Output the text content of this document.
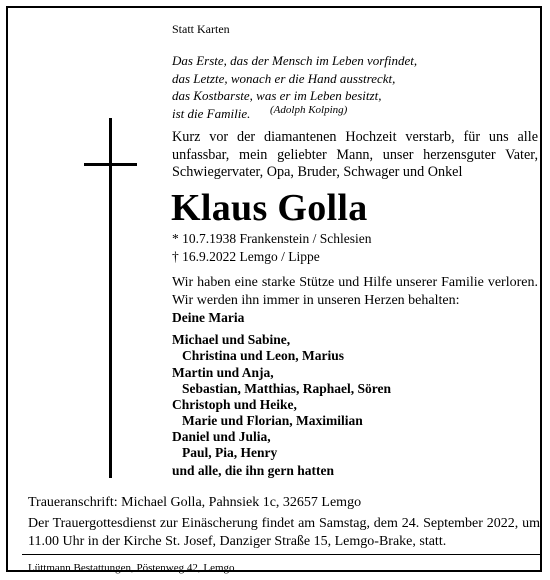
Statt Karten
Das Erste, das der Mensch im Leben vorfindet,
das Letzte, wonach er die Hand ausstreckt,
das Kostbarste, was er im Leben besitzt,
ist die Familie.	(Adolph Kolping)
Kurz vor der diamantenen Hochzeit verstarb, für uns alle unfassbar, mein geliebter Mann, unser herzensguter Vater, Schwiegervater, Opa, Bruder, Schwager und Onkel
Klaus Golla
* 10.7.1938 Frankenstein / Schlesien
† 16.9.2022 Lemgo / Lippe
Wir haben eine starke Stütze und Hilfe unserer Familie verloren. Wir werden ihn immer in unseren Herzen behalten:
Deine Maria
Michael und Sabine,
Christina und Leon, Marius
Martin und Anja,
Sebastian, Matthias, Raphael, Sören
Christoph und Heike,
Marie und Florian, Maximilian
Daniel und Julia,
Paul, Pia, Henry
und alle, die ihn gern hatten
Traueranschrift: Michael Golla, Pahnsiek 1c, 32657 Lemgo
Der Trauergottesdienst zur Einäscherung findet am Samstag, dem 24. September 2022, um 11.00 Uhr in der Kirche St. Josef, Danziger Straße 15, Lemgo-Brake, statt.
Lüttmann Bestattungen, Pöstenweg 42, Lemgo
